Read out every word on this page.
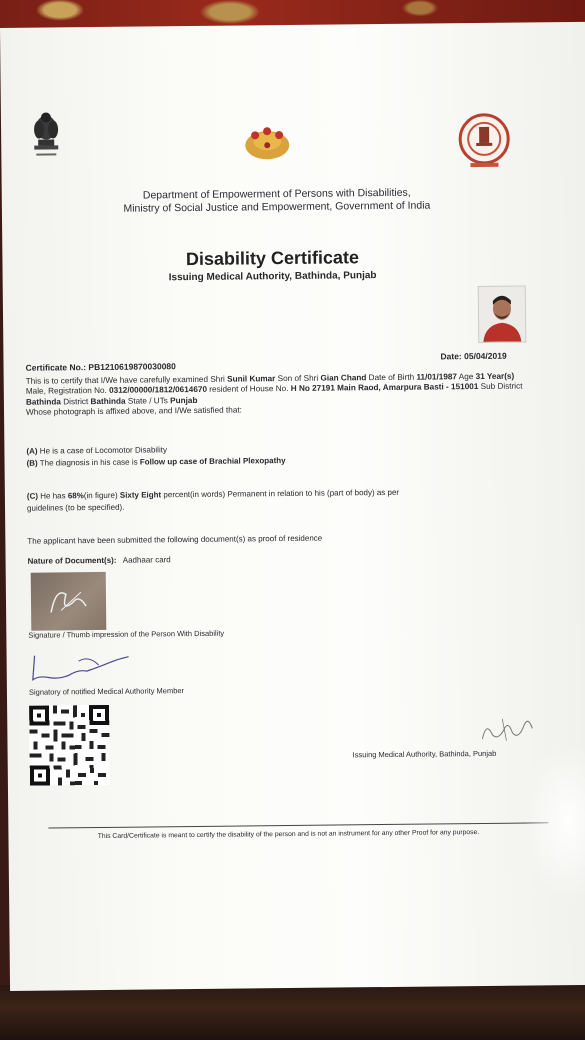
Department of Empowerment of Persons with Disabilities,
Ministry of Social Justice and Empowerment, Government of India
Disability Certificate
Issuing Medical Authority, Bathinda, Punjab
Certificate No.: PB1210619870030080
Date: 05/04/2019
This is to certify that I/We have carefully examined Shri Sunil Kumar Son of Shri Gian Chand Date of Birth 11/01/1987 Age 31 Year(s) Male, Registration No. 0312/00000/1812/0614670 resident of House No. H No 27191 Main Raod, Amarpura Basti - 151001 Sub District Bathinda District Bathinda State / UTs Punjab
Whose photograph is affixed above, and I/We satisfied that:
(A) He is a case of Locomotor Disability
(B) The diagnosis in his case is Follow up case of Brachial Plexopathy
(C) He has 68%(in figure) Sixty Eight percent(in words) Permanent in relation to his (part of body) as per
guidelines (to be specified).
The applicant have been submitted the following document(s) as proof of residence
Nature of Document(s): Aadhaar card
Signature / Thumb impression of the Person With Disability
Signatory of notified Medical Authority Member
Issuing Medical Authority, Bathinda, Punjab
This Card/Certificate is meant to certify the disability of the person and is not an instrument for any other Proof for any purpose.
